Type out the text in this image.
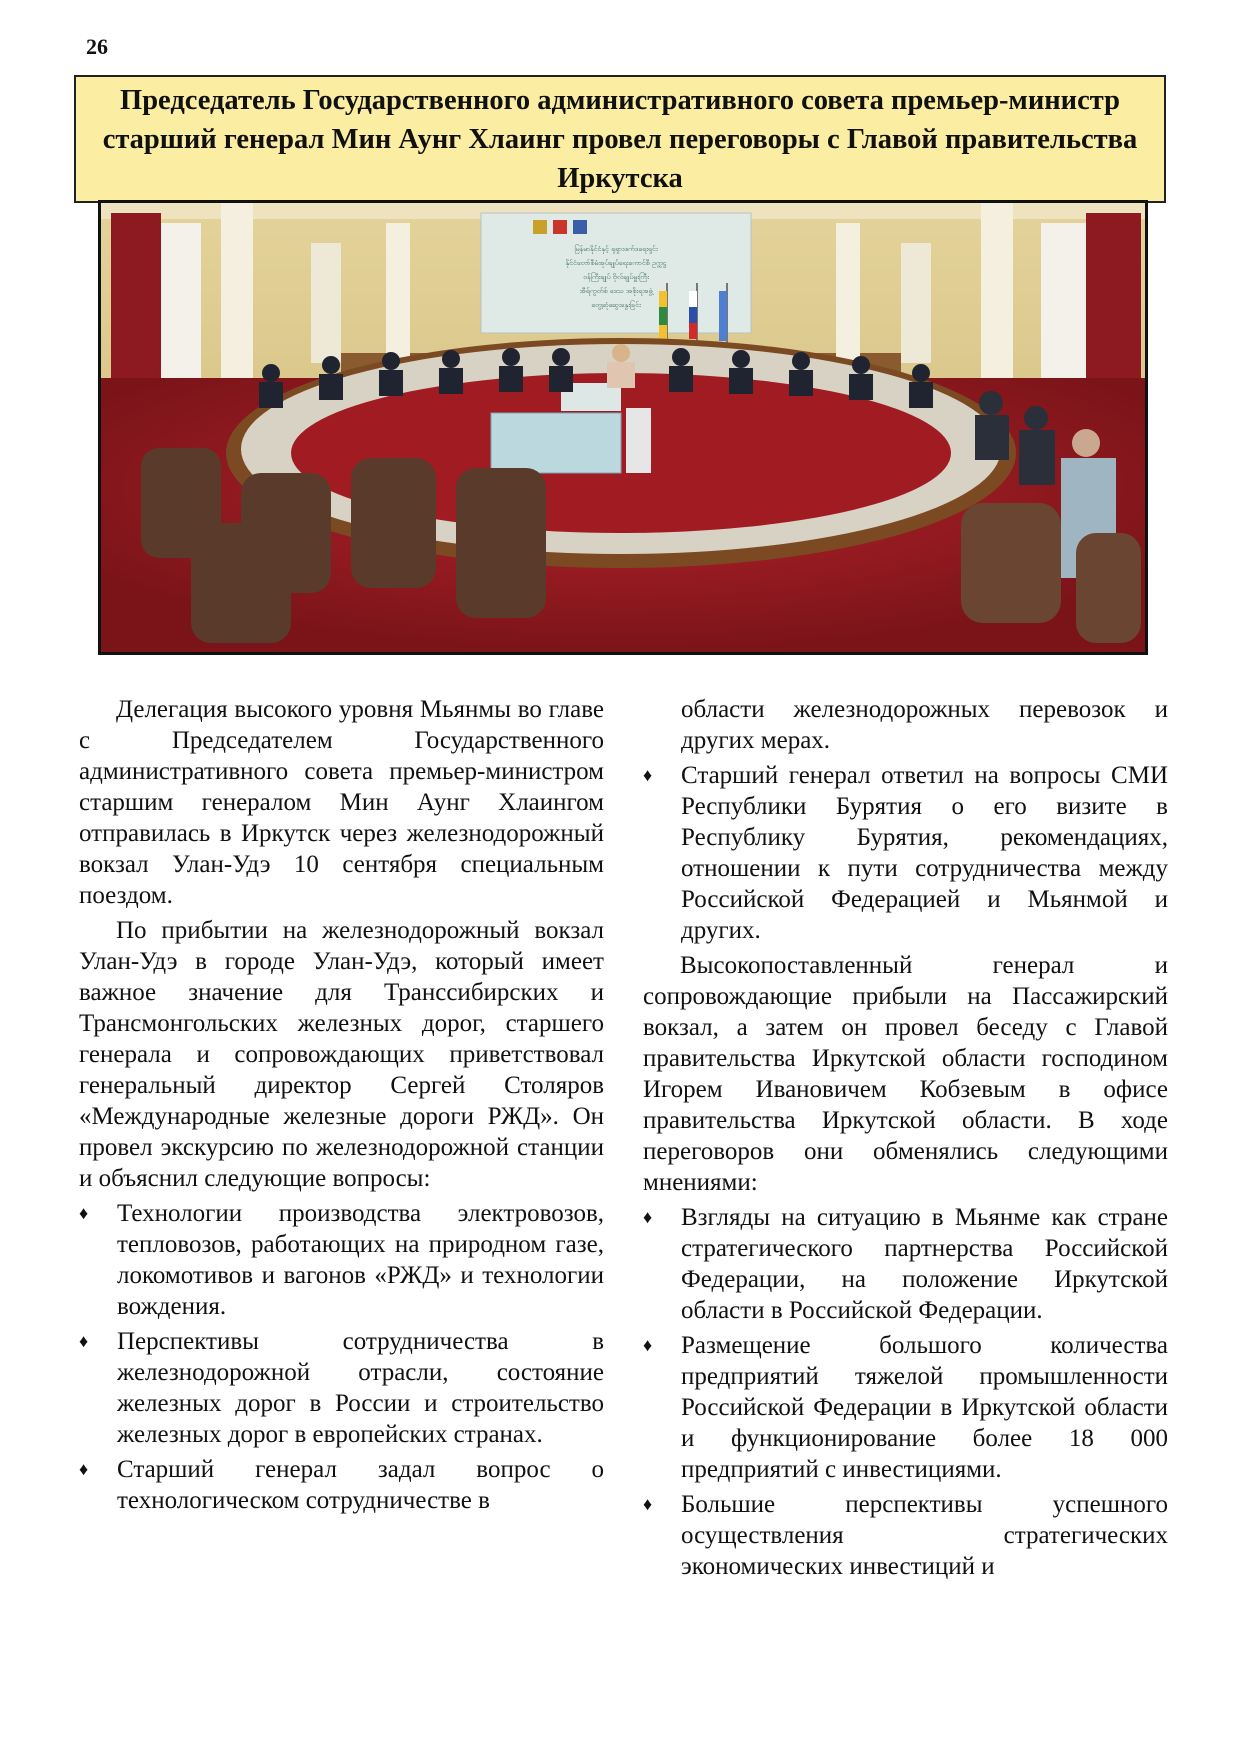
26
Председатель Государственного административного совета премьер-министр старший генерал Мин Аунг Хлаинг провел переговоры с Главой правительства Иркутска
မြန်မာနိုင်ငံနှင့် ရုရှားဖက်ဒရေးရှင်း
နိုင်ငံတော်စီမံအုပ်ချုပ်ရေးကောင်စီ ဥက္ကဋ္ဌ
၀န်ကြီးချုပ် ဗိုလ်ချုပ်မှူးကြီး
အီရ်ကွတ်စ် ဒေသ အစိုးရအဖွဲ့
တွေ့ဆုံဆွေးနွေးခြင်း

Делегация высокого уровня Мьянмы во главе с Председателем Государственного административного совета премьер-министром старшим генералом Мин Аунг Хлаингом отправилась в Иркутск через железнодорожный вокзал Улан-Удэ 10 сентября специальным поездом.

По прибытии на железнодорожный вокзал Улан-Удэ в городе Улан-Удэ, который имеет важное значение для Транссибирских и Трансмонгольских железных дорог, старшего генерала и сопровождающих приветствовал генеральный директор Сергей Столяров «Международные железные дороги РЖД». Он провел экскурсию по железнодорожной станции и объяснил следующие вопросы:

♦ Технологии производства электровозов, тепловозов, работающих на природном газе, локомотивов и вагонов «РЖД» и технологии вождения.
♦ Перспективы сотрудничества в железнодорожной отрасли, состояние железных дорог в России и строительство железных дорог в европейских странах.
♦ Старший генерал задал вопрос о технологическом сотрудничестве в
области железнодорожных перевозок и других мерах.
♦ Старший генерал ответил на вопросы СМИ Республики Бурятия о его визите в Республику Бурятия, рекомендациях, отношении к пути сотрудничества между Российской Федерацией и Мьянмой и других.

Высокопоставленный генерал и сопровождающие прибыли на Пассажирский вокзал, а затем он провел беседу с Главой правительства Иркутской области господином Игорем Ивановичем Кобзевым в офисе правительства Иркутской области. В ходе переговоров они обменялись следующими мнениями:

♦ Взгляды на ситуацию в Мьянме как стране стратегического партнерства Российской Федерации, на положение Иркутской области в Российской Федерации.
♦ Размещение большого количества предприятий тяжелой промышленности Российской Федерации в Иркутской области и функционирование более 18 000 предприятий с инвестициями.
♦ Большие перспективы успешного осуществления стратегических экономических инвестиций и
